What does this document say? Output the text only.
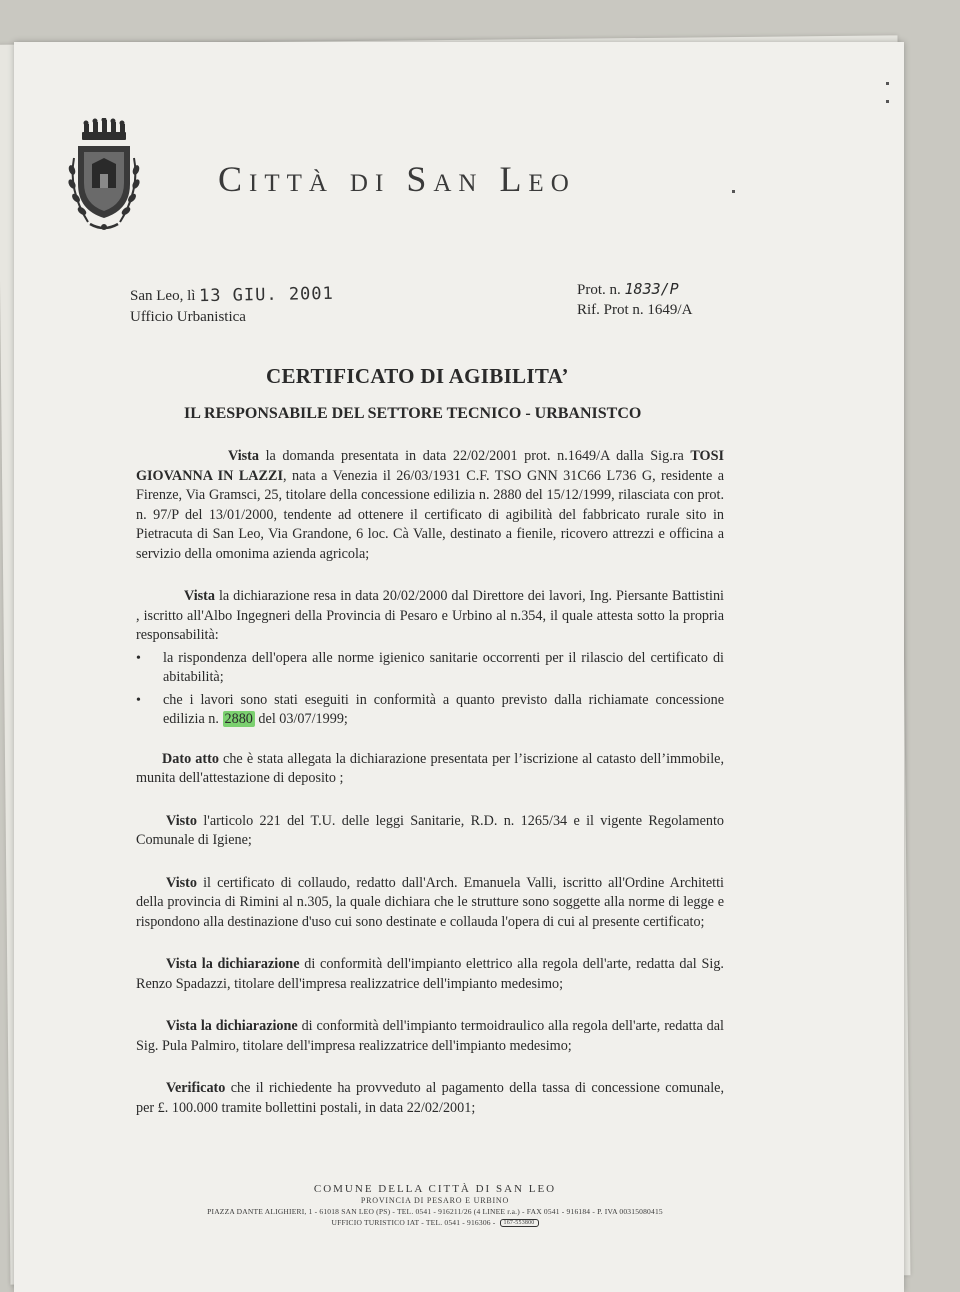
Città di San Leo
San Leo, lì 13 GIU. 2001
Ufficio Urbanistica
Prot. n. 1833/P
Rif. Prot n. 1649/A
CERTIFICATO DI AGIBILITA’
IL RESPONSABILE DEL SETTORE TECNICO - URBANISTCO

Vista la domanda presentata in data 22/02/2001 prot. n.1649/A dalla Sig.ra TOSI GIOVANNA IN LAZZI, nata a Venezia il 26/03/1931 C.F. TSO GNN 31C66 L736 G, residente a Firenze, Via Gramsci, 25, titolare della concessione edilizia n. 2880 del 15/12/1999, rilasciata con prot. n. 97/P del 13/01/2000, tendente ad ottenere il certificato di agibilità del fabbricato rurale sito in Pietracuta di San Leo, Via Grandone, 6 loc. Cà Valle, destinato a fienile, ricovero attrezzi e officina a servizio della omonima azienda agricola;

Vista la dichiarazione resa in data 20/02/2000 dal Direttore dei lavori, Ing. Piersante Battistini , iscritto all'Albo Ingegneri della Provincia di Pesaro e Urbino al n.354, il quale attesta sotto la propria responsabilità:

• la rispondenza dell'opera alle norme igienico sanitarie occorrenti per il rilascio del certificato di abitabilità;
• che i lavori sono stati eseguiti in conformità a quanto previsto dalla richiamate concessione edilizia n. 2880 del 03/07/1999;

Dato atto che è stata allegata la dichiarazione presentata per l’iscrizione al catasto dell’immobile, munita dell'attestazione di deposito ;

Visto l'articolo 221 del T.U. delle leggi Sanitarie, R.D. n. 1265/34 e il vigente Regolamento Comunale di Igiene;

Visto il certificato di collaudo, redatto dall'Arch. Emanuela Valli, iscritto all'Ordine Architetti della provincia di Rimini al n.305, la quale dichiara che le strutture sono soggette alla norme di legge e rispondono alla destinazione d'uso cui sono destinate e collauda l'opera di cui al presente certificato;

Vista la dichiarazione di conformità dell'impianto elettrico alla regola dell'arte, redatta dal Sig. Renzo Spadazzi, titolare dell'impresa realizzatrice dell'impianto medesimo;

Vista la dichiarazione di conformità dell'impianto termoidraulico alla regola dell'arte, redatta dal Sig. Pula Palmiro, titolare dell'impresa realizzatrice dell'impianto medesimo;

Verificato che il richiedente ha provveduto al pagamento della tassa di concessione comunale, per £. 100.000 tramite bollettini postali, in data 22/02/2001;

COMUNE DELLA CITTÀ DI SAN LEO
PROVINCIA DI PESARO E URBINO
PIAZZA DANTE ALIGHIERI, 1 - 61018 SAN LEO (PS) - TEL. 0541 - 916211/26 (4 LINEE r.a.) - FAX 0541 - 916184 - P. IVA 00315080415
UFFICIO TURISTICO IAT - TEL. 0541 - 916306 - 167-553800
